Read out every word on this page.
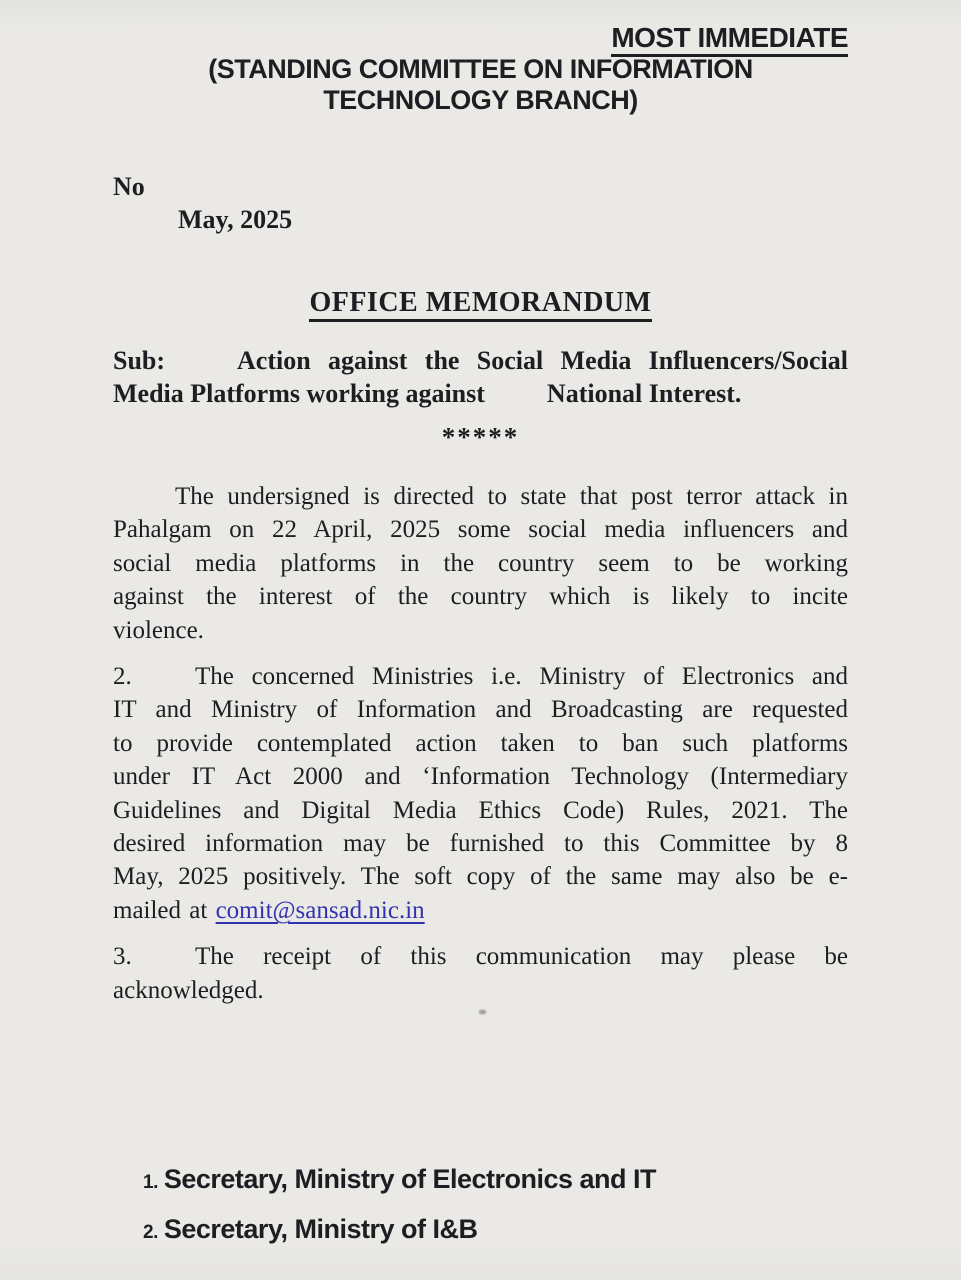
MOST IMMEDIATE
(STANDING COMMITTEE ON INFORMATION
TECHNOLOGY BRANCH)
No
May, 2025
OFFICE MEMORANDUM
Sub:	Action against the Social Media Influencers/Social
Media Platforms working against National Interest.
*****
The undersigned is directed to state that post terror attack in
Pahalgam on 22 April, 2025 some social media influencers and
social media platforms in the country seem to be working
against the interest of the country which is likely to incite
violence.
2.	The concerned Ministries i.e. Ministry of Electronics and
IT and Ministry of Information and Broadcasting are requested
to provide contemplated action taken to ban such platforms
under IT Act 2000 and ‘Information Technology (Intermediary
Guidelines and Digital Media Ethics Code) Rules, 2021. The
desired information may be furnished to this Committee by 8
May, 2025 positively. The soft copy of the same may also be e-
mailed at comit@sansad.nic.in
3.	The receipt of this communication may please be
acknowledged.
1. Secretary, Ministry of Electronics and IT
2. Secretary, Ministry of I&B
